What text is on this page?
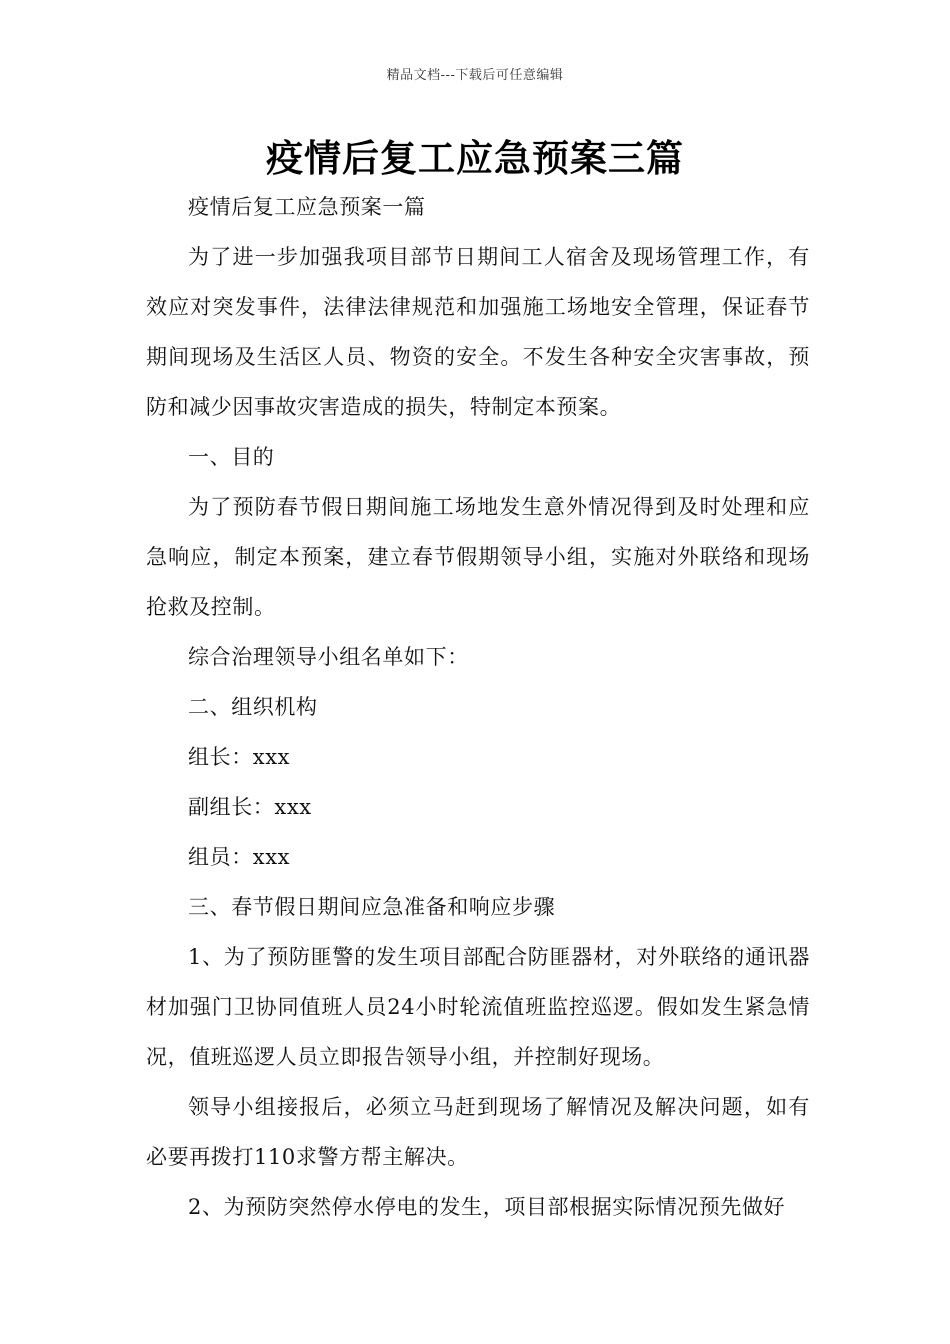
精品文档---下载后可任意编辑
疫情后复工应急预案三篇

疫情后复工应急预案一篇

为了进一步加强我项目部节日期间工人宿舍及现场管理工作，有效应对突发事件，法律法律规范和加强施工场地安全管理，保证春节期间现场及生活区人员、物资的安全。不发生各种安全灾害事故，预防和减少因事故灾害造成的损失，特制定本预案。

一、目的

为了预防春节假日期间施工场地发生意外情况得到及时处理和应急响应，制定本预案，建立春节假期领导小组，实施对外联络和现场抢救及控制。

综合治理领导小组名单如下：

二、组织机构

组长：xxx

副组长：xxx

组员：xxx

三、春节假日期间应急准备和响应步骤

1、为了预防匪警的发生项目部配合防匪器材，对外联络的通讯器材加强门卫协同值班人员24小时轮流值班监控巡逻。假如发生紧急情况，值班巡逻人员立即报告领导小组，并控制好现场。

领导小组接报后，必须立马赶到现场了解情况及解决问题，如有必要再拨打110求警方帮主解决。

2、为预防突然停水停电的发生，项目部根据实际情况预先做好
